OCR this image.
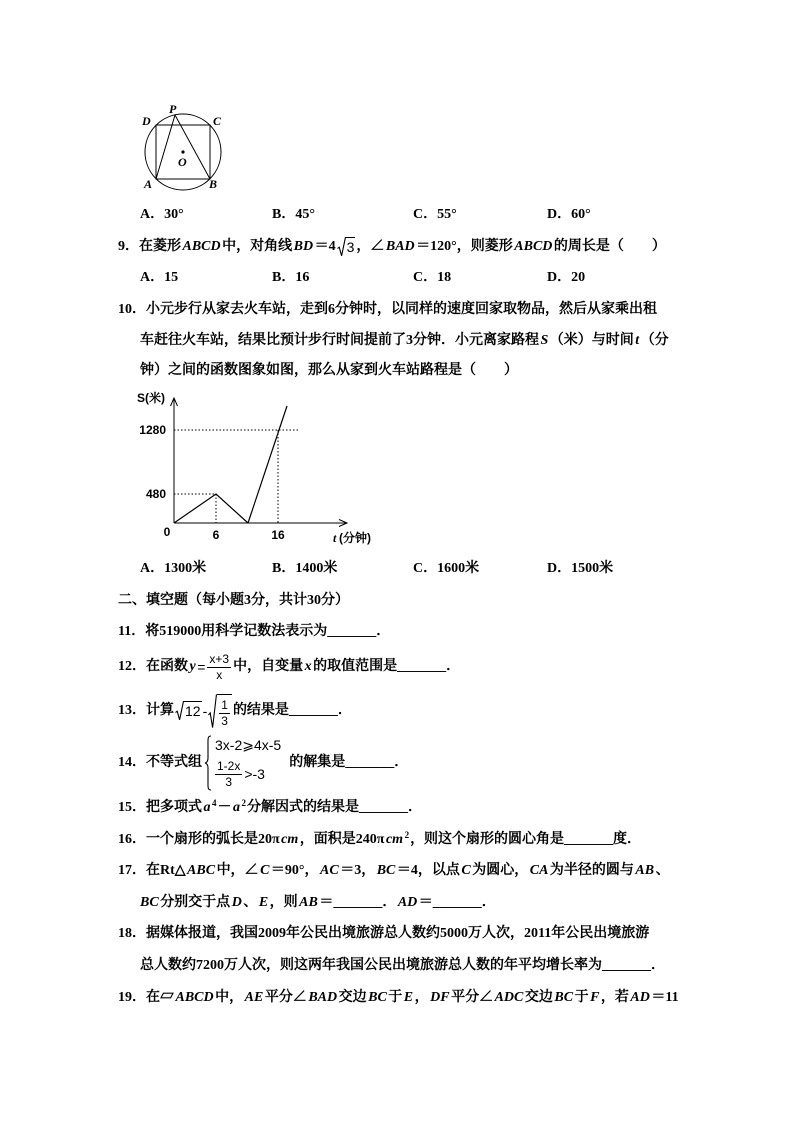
D
P
C
O
A	B
A．30°	B．45°	C．55°	D．60°
9．在菱形 ABCD 中，对角线 BD ＝4 3 ，∠ BAD ＝120°，则菱形 ABCD 的周长是（　　）
A．15	B．16	C．18	D．20
10．小元步行从家去火车站，走到6分钟时，以同样的速度回家取物品，然后从家乘出租
车赶往火车站，结果比预计步行时间提前了3分钟．小元离家路程 S （米）与时间 t （分
钟）之间的函数图象如图，那么从家到火车站路程是（　　）
S(米)
1280
480
0	6	16	t (分钟)
A．1300米	B．1400米	C．1600米	D．1500米
二、填空题（每小题3分，共计30分）
11．将519000用科学记数法表示为_______．
12．在函数 $y = \frac{x+3}{x}$ 中，自变量 x 的取值范围是_______．
13．计算 $12 - \frac{1}{3}$ 的结果是_______．
14．不等式组
3x-2⩾4x-5
$\frac{1-2x}{3} >-3$
的解集是_______．
15．把多项式 a 4 － a 2 分解因式的结果是_______．
16．一个扇形的弧长是20π cm ，面积是240π cm 2 ，则这个扇形的圆心角是_______度．
17．在Rt△ ABC 中，∠ C ＝90°， AC ＝3， BC ＝4，以点 C 为圆心， CA 为半径的圆与 AB 、
BC 分别交于点 D 、 E ，则 AB ＝_______． AD ＝_______．
18．据媒体报道，我国2009年公民出境旅游总人数约5000万人次，2011年公民出境旅游
总人数约7200万人次，则这两年我国公民出境旅游总人数的年平均增长率为_______．
19．在▱ ABCD 中， AE 平分∠ BAD 交边 BC 于 E ， DF 平分∠ ADC 交边 BC 于 F ，若 AD ＝11
